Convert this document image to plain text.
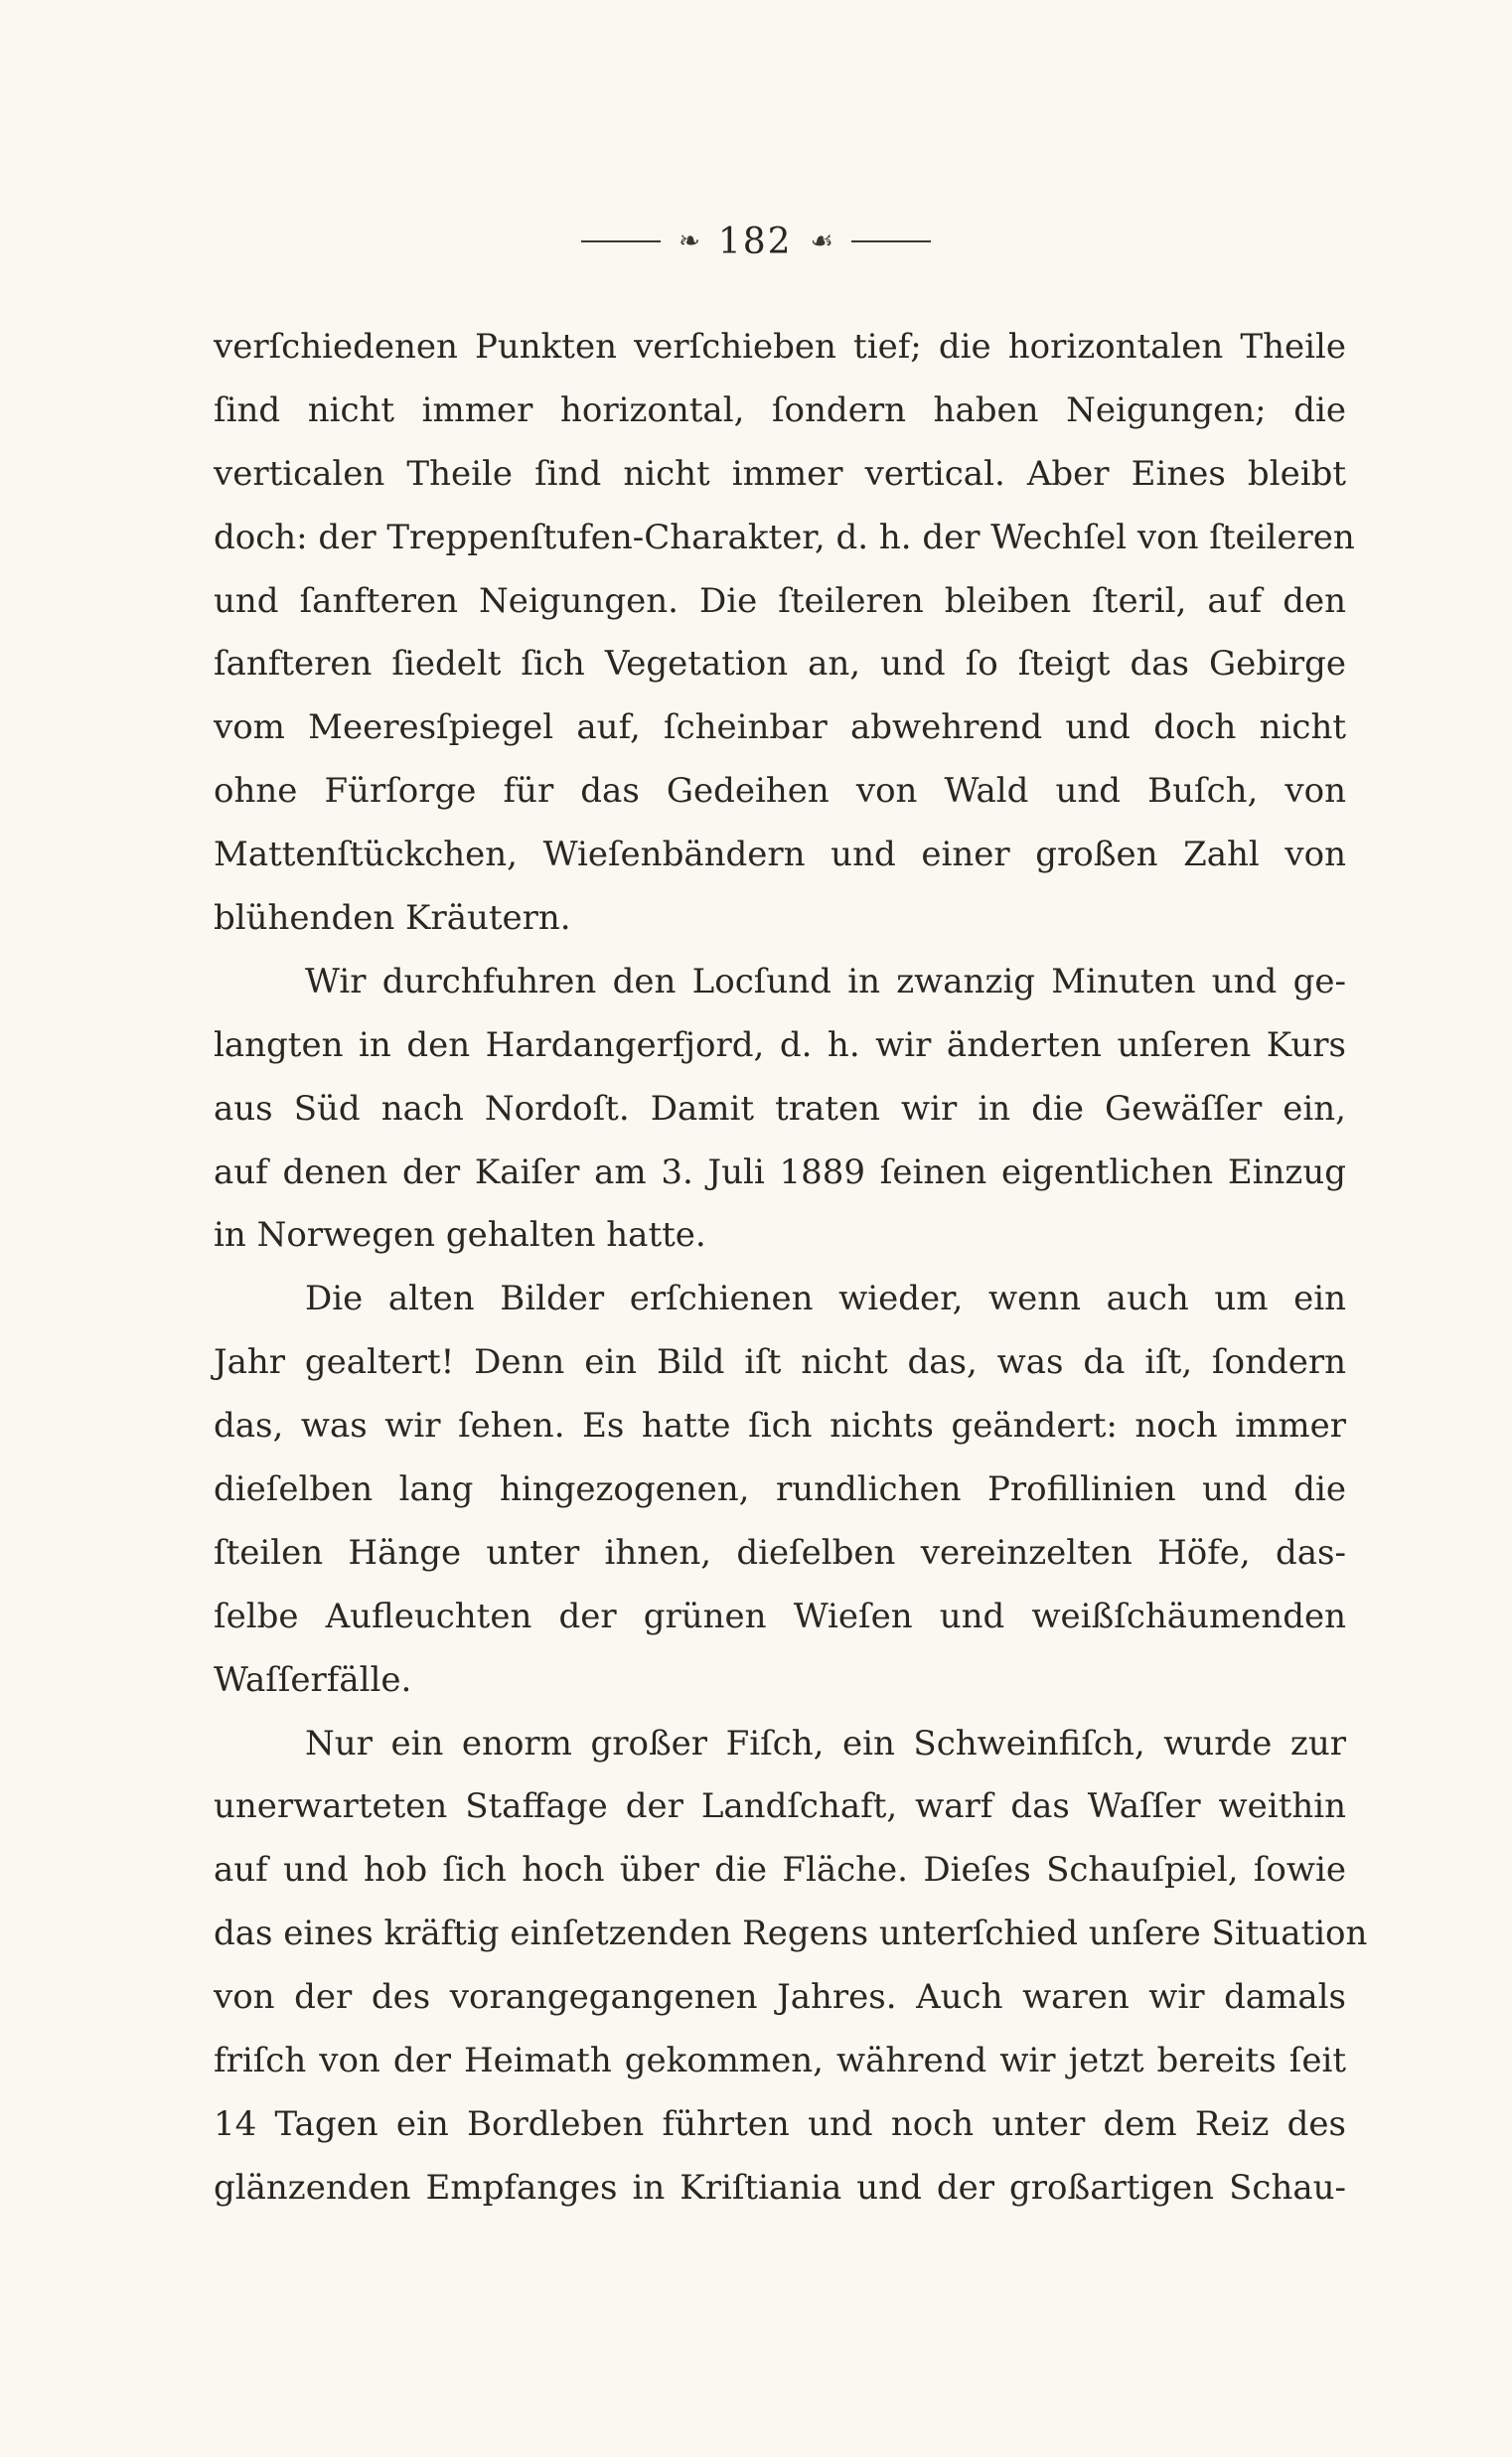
❧ 182 ☙
verſchiedenen Punkten verſchieben tief; die horizontalen Theile
ſind nicht immer horizontal, ſondern haben Neigungen; die
verticalen Theile ſind nicht immer vertical. Aber Eines bleibt
doch: der Treppenſtufen-Charakter, d. h. der Wechſel von ſteileren
und ſanfteren Neigungen. Die ſteileren bleiben ſteril, auf den
ſanfteren ſiedelt ſich Vegetation an, und ſo ſteigt das Gebirge
vom Meeresſpiegel auf, ſcheinbar abwehrend und doch nicht
ohne Fürſorge für das Gedeihen von Wald und Buſch, von
Mattenſtückchen, Wieſenbändern und einer großen Zahl von
blühenden Kräutern.
Wir durchfuhren den Locſund in zwanzig Minuten und ge-
langten in den Hardangerfjord, d. h. wir änderten unſeren Kurs
aus Süd nach Nordoſt. Damit traten wir in die Gewäſſer ein,
auf denen der Kaiſer am 3. Juli 1889 ſeinen eigentlichen Einzug
in Norwegen gehalten hatte.
Die alten Bilder erſchienen wieder, wenn auch um ein
Jahr gealtert! Denn ein Bild iſt nicht das, was da iſt, ſondern
das, was wir ſehen. Es hatte ſich nichts geändert: noch immer
dieſelben lang hingezogenen, rundlichen Profillinien und die
ſteilen Hänge unter ihnen, dieſelben vereinzelten Höfe, das-
ſelbe Aufleuchten der grünen Wieſen und weißſchäumenden
Waſſerfälle.
Nur ein enorm großer Fiſch, ein Schweinfiſch, wurde zur
unerwarteten Staffage der Landſchaft, warf das Waſſer weithin
auf und hob ſich hoch über die Fläche. Dieſes Schauſpiel, ſowie
das eines kräftig einſetzenden Regens unterſchied unſere Situation
von der des vorangegangenen Jahres. Auch waren wir damals
friſch von der Heimath gekommen, während wir jetzt bereits ſeit
14 Tagen ein Bordleben führten und noch unter dem Reiz des
glänzenden Empfanges in Kriſtiania und der großartigen Schau-
